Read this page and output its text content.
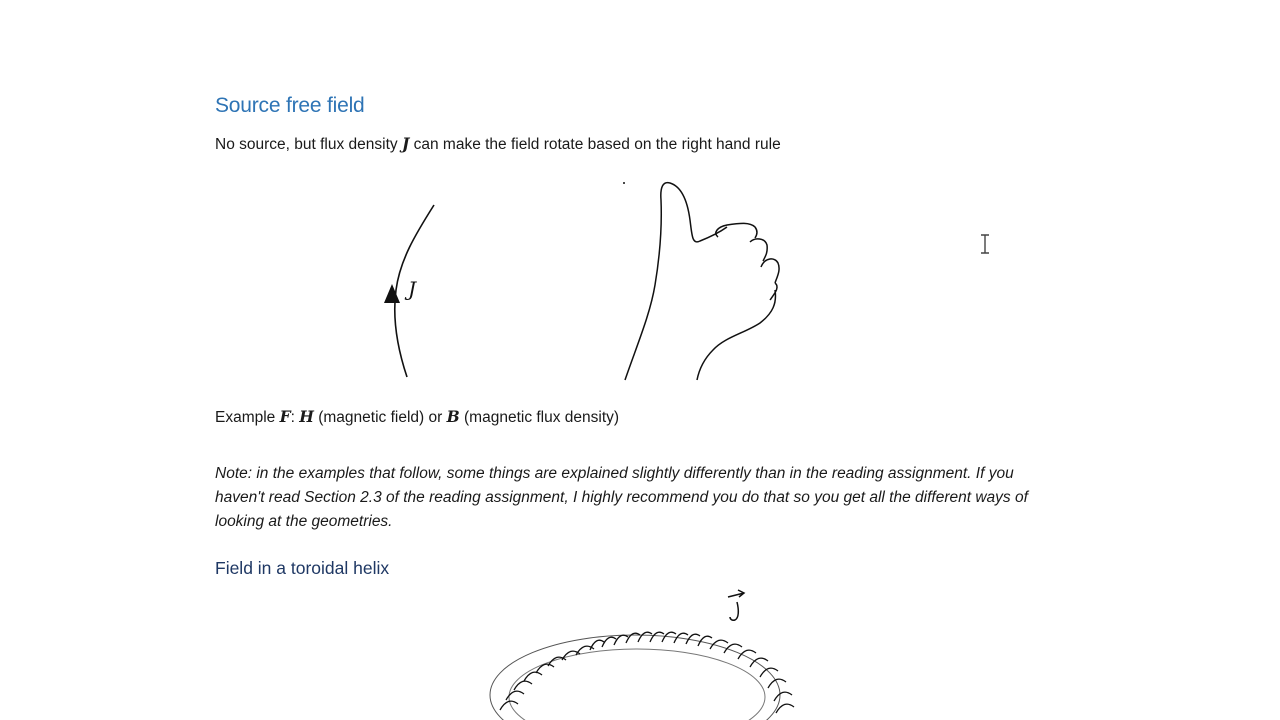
Source free field

No source, but flux density J can make the field rotate based on the right hand rule

J

Example F: H (magnetic field) or B (magnetic flux density)

Note: in the examples that follow, some things are explained slightly differently than in the reading assignment. If you haven't read Section 2.3 of the reading assignment, I highly recommend you do that so you get all the different ways of looking at the geometries.

Field in a toroidal helix
